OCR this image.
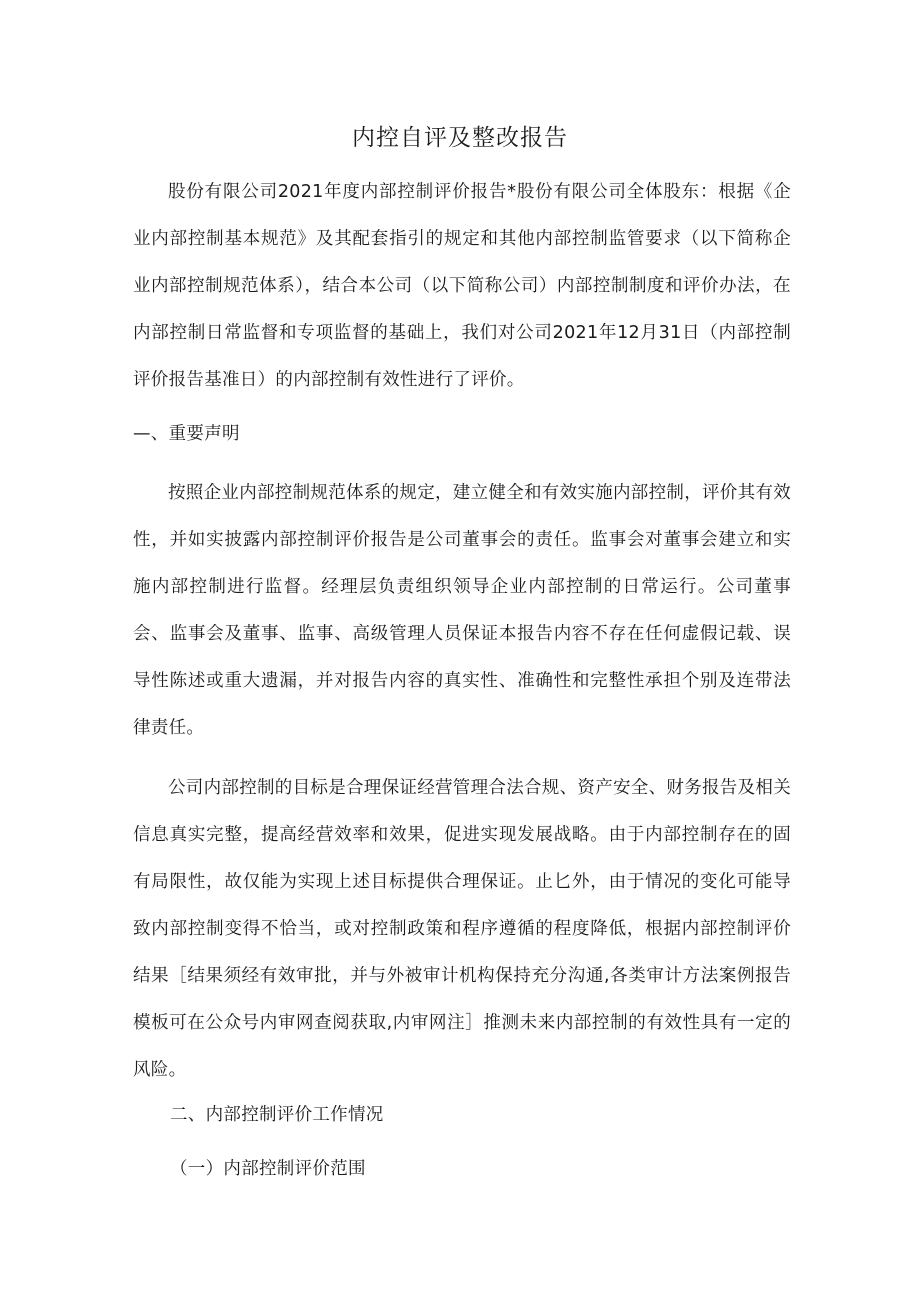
内控自评及整改报告

股份有限公司2021年度内部控制评价报告*股份有限公司全体股东：根据《企业内部控制基本规范》及其配套指引的规定和其他内部控制监管要求（以下简称企业内部控制规范体系），结合本公司（以下简称公司）内部控制制度和评价办法，在内部控制日常监督和专项监督的基础上，我们对公司2021年12月31日（内部控制评价报告基准日）的内部控制有效性进行了评价。

—、重要声明

按照企业内部控制规范体系的规定，建立健全和有效实施内部控制，评价其有效性，并如实披露内部控制评价报告是公司董事会的责任。监事会对董事会建立和实施内部控制进行监督。经理层负责组织领导企业内部控制的日常运行。公司董事会、监事会及董事、监事、高级管理人员保证本报告内容不存在任何虚假记载、误导性陈述或重大遗漏，并对报告内容的真实性、准确性和完整性承担个别及连带法律责任。

公司内部控制的目标是合理保证经营管理合法合规、资产安全、财务报告及相关信息真实完整，提高经营效率和效果，促进实现发展战略。由于内部控制存在的固有局限性，故仅能为实现上述目标提供合理保证。止匕外，由于情况的变化可能导致内部控制变得不恰当，或对控制政策和程序遵循的程度降低，根据内部控制评价结果［结果须经有效审批，并与外被审计机构保持充分沟通,各类审计方法案例报告模板可在公众号内审网查阅获取,内审网注］推测未来内部控制的有效性具有一定的风险。

二、内部控制评价工作情况
（一）内部控制评价范围
